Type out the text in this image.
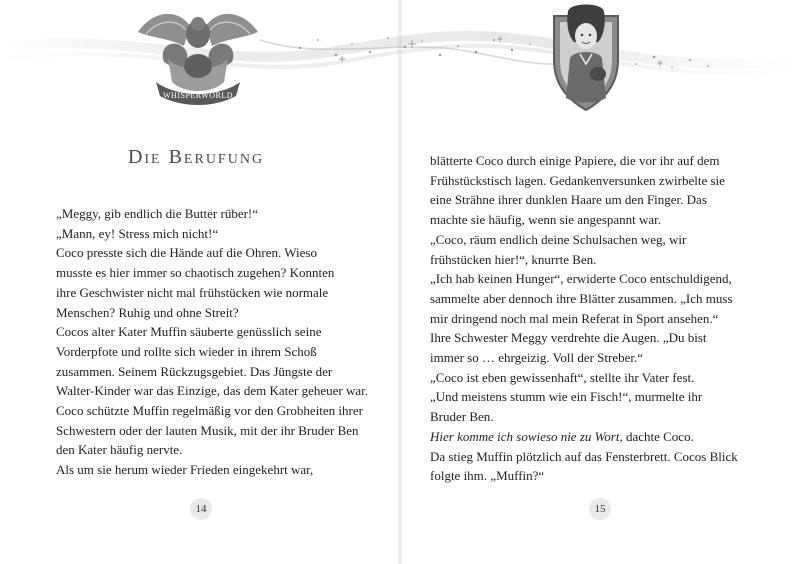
WHISPERWORLD
Die Berufung
„Meggy, gib endlich die Butter rüber!“
„Mann, ey! Stress mich nicht!“
Coco presste sich die Hände auf die Ohren. Wieso
musste es hier immer so chaotisch zugehen? Konnten
ihre Geschwister nicht mal frühstücken wie normale
Menschen? Ruhig und ohne Streit?
Cocos alter Kater Muffin säuberte genüsslich seine
Vorderpfote und rollte sich wieder in ihrem Schoß
zusammen. Seinem Rückzugsgebiet. Das Jüngste der
Walter-Kinder war das Einzige, das dem Kater geheuer war.
Coco schützte Muffin regelmäßig vor den Grobheiten ihrer
Schwestern oder der lauten Musik, mit der ihr Bruder Ben
den Kater häufig nervte.
Als um sie herum wieder Frieden eingekehrt war,
14
blätterte Coco durch einige Papiere, die vor ihr auf dem
Frühstückstisch lagen. Gedankenversunken zwirbelte sie
eine Strähne ihrer dunklen Haare um den Finger. Das
machte sie häufig, wenn sie angespannt war.
„Coco, räum endlich deine Schulsachen weg, wir
frühstücken hier!“, knurrte Ben.
„Ich hab keinen Hunger“, erwiderte Coco entschuldigend,
sammelte aber dennoch ihre Blätter zusammen. „Ich muss
mir dringend noch mal mein Referat in Sport ansehen.“
Ihre Schwester Meggy verdrehte die Augen. „Du bist
immer so … ehrgeizig. Voll der Streber.“
„Coco ist eben gewissenhaft“, stellte ihr Vater fest.
„Und meistens stumm wie ein Fisch!“, murmelte ihr
Bruder Ben.
Hier komme ich sowieso nie zu Wort, dachte Coco.
Da stieg Muffin plötzlich auf das Fensterbrett. Cocos Blick
folgte ihm. „Muffin?“
15
